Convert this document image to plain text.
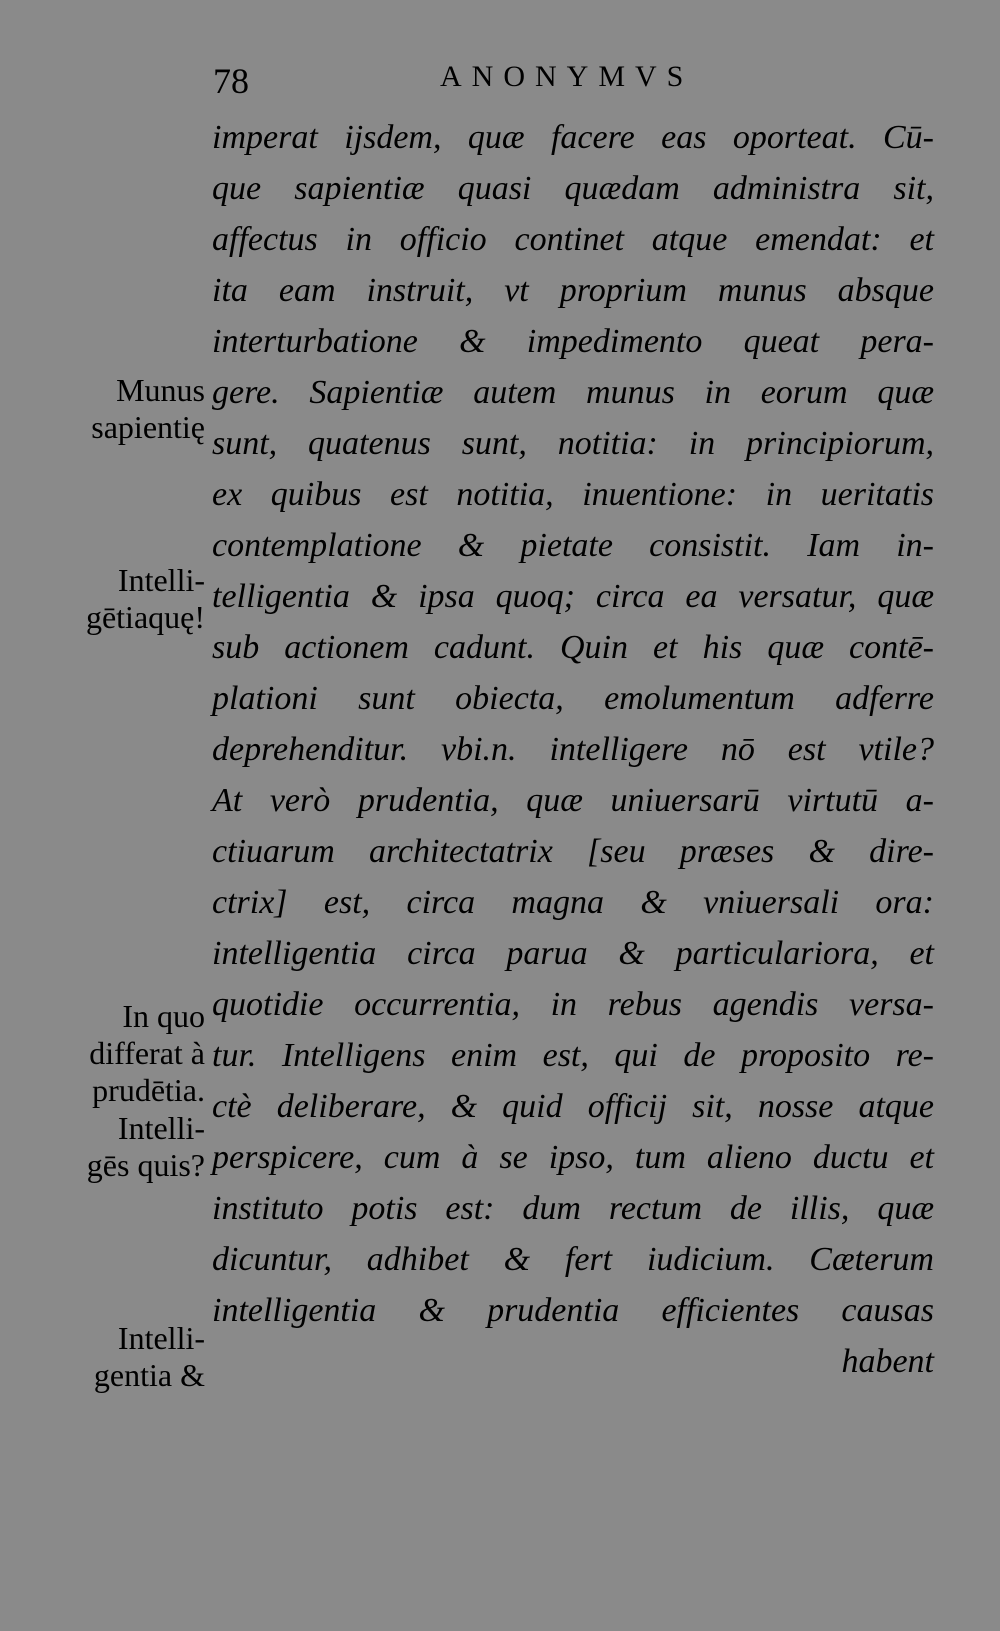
78	ANONYMVS
imperat ijsdem, quæ facere eas oporteat. Cū-
que sapientiæ quasi quædam administra sit,
affectus in officio continet atque emendat: et
ita eam instruit, vt proprium munus absque
interturbatione & impedimento queat pera-
gere. Sapientiæ autem munus in eorum quæ
sunt, quatenus sunt, notitia: in principiorum,
ex quibus est notitia, inuentione: in ueritatis
contemplatione & pietate consistit. Iam in-
telligentia & ipsa quoq; circa ea versatur, quæ
sub actionem cadunt. Quin et his quæ contē-
plationi sunt obiecta, emolumentum adferre
deprehenditur. vbi.n. intelligere nō est vtile?
At verò prudentia, quæ uniuersarū virtutū a-
ctiuarum architectatrix [seu præses & dire-
ctrix] est, circa magna & vniuersali ora:
intelligentia circa parua & particulariora, et
quotidie occurrentia, in rebus agendis versa-
tur. Intelligens enim est, qui de proposito re-
ctè deliberare, & quid officij sit, nosse atque
perspicere, cum à se ipso, tum alieno ductu et
instituto potis est: dum rectum de illis, quæ
dicuntur, adhibet & fert iudicium. Cæterum
intelligentia & prudentia efficientes causas
habent
Munus
sapientię
Intelli-
gētiaquę!
In quo
differat à
prudētia.
Intelli-
gēs quis?
Intelli-
gentia &
